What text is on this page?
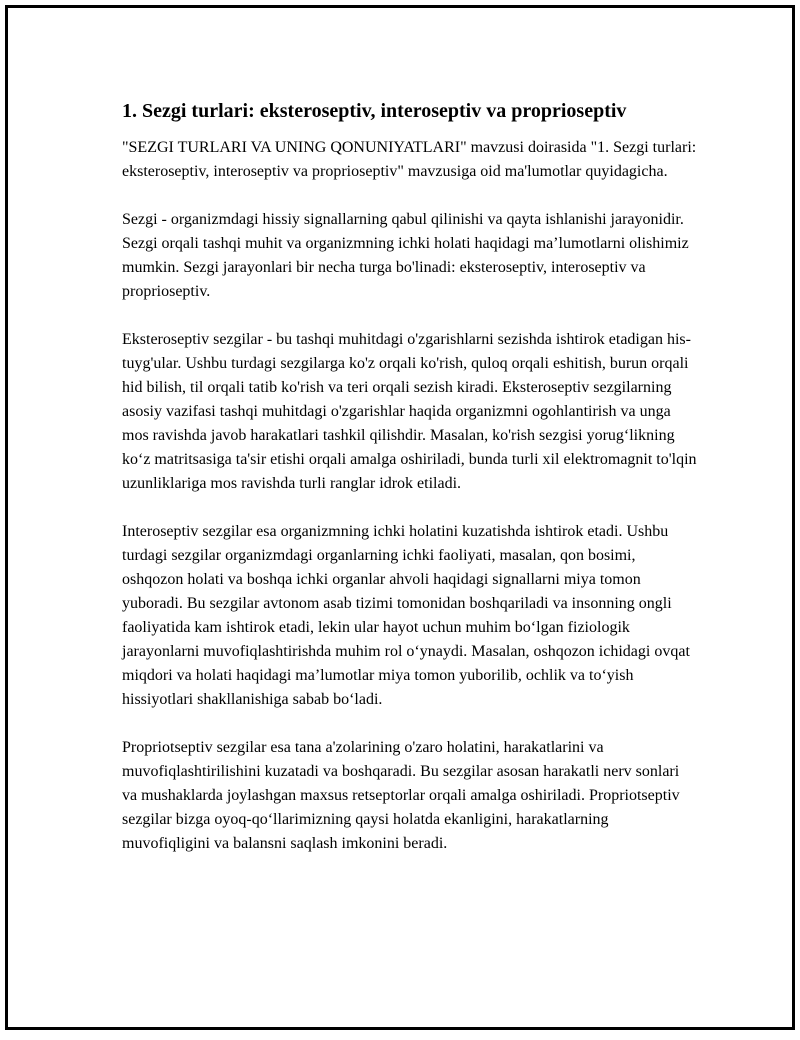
1. Sezgi turlari: eksteroseptiv, interoseptiv va proprioseptiv

"SEZGI TURLARI VA UNING QONUNIYATLARI" mavzusi doirasida "1. Sezgi turlari: eksteroseptiv, interoseptiv va proprioseptiv" mavzusiga oid ma'lumotlar quyidagicha.

Sezgi - organizmdagi hissiy signallarning qabul qilinishi va qayta ishlanishi jarayonidir. Sezgi orqali tashqi muhit va organizmning ichki holati haqidagi ma’lumotlarni olishimiz mumkin. Sezgi jarayonlari bir necha turga bo'linadi: eksteroseptiv, interoseptiv va proprioseptiv.

Eksteroseptiv sezgilar - bu tashqi muhitdagi o'zgarishlarni sezishda ishtirok etadigan his-tuyg'ular. Ushbu turdagi sezgilarga ko'z orqali ko'rish, quloq orqali eshitish, burun orqali hid bilish, til orqali tatib ko'rish va teri orqali sezish kiradi. Eksteroseptiv sezgilarning asosiy vazifasi tashqi muhitdagi o'zgarishlar haqida organizmni ogohlantirish va unga mos ravishda javob harakatlari tashkil qilishdir. Masalan, ko'rish sezgisi yorug‘likning ko‘z matritsasiga ta'sir etishi orqali amalga oshiriladi, bunda turli xil elektromagnit to'lqin uzunliklariga mos ravishda turli ranglar idrok etiladi.

Interoseptiv sezgilar esa organizmning ichki holatini kuzatishda ishtirok etadi. Ushbu turdagi sezgilar organizmdagi organlarning ichki faoliyati, masalan, qon bosimi, oshqozon holati va boshqa ichki organlar ahvoli haqidagi signallarni miya tomon yuboradi. Bu sezgilar avtonom asab tizimi tomonidan boshqariladi va insonning ongli faoliyatida kam ishtirok etadi, lekin ular hayot uchun muhim bo‘lgan fiziologik jarayonlarni muvofiqlashtirishda muhim rol o‘ynaydi. Masalan, oshqozon ichidagi ovqat miqdori va holati haqidagi ma’lumotlar miya tomon yuborilib, ochlik va to‘yish hissiyotlari shakllanishiga sabab bo‘ladi.

Propriotseptiv sezgilar esa tana a'zolarining o'zaro holatini, harakatlarini va muvofiqlashtirilishini kuzatadi va boshqaradi. Bu sezgilar asosan harakatli nerv sonlari va mushaklarda joylashgan maxsus retseptorlar orqali amalga oshiriladi. Propriotseptiv sezgilar bizga oyoq-qo‘llarimizning qaysi holatda ekanligini, harakatlarning muvofiqligini va balansni saqlash imkonini beradi.
